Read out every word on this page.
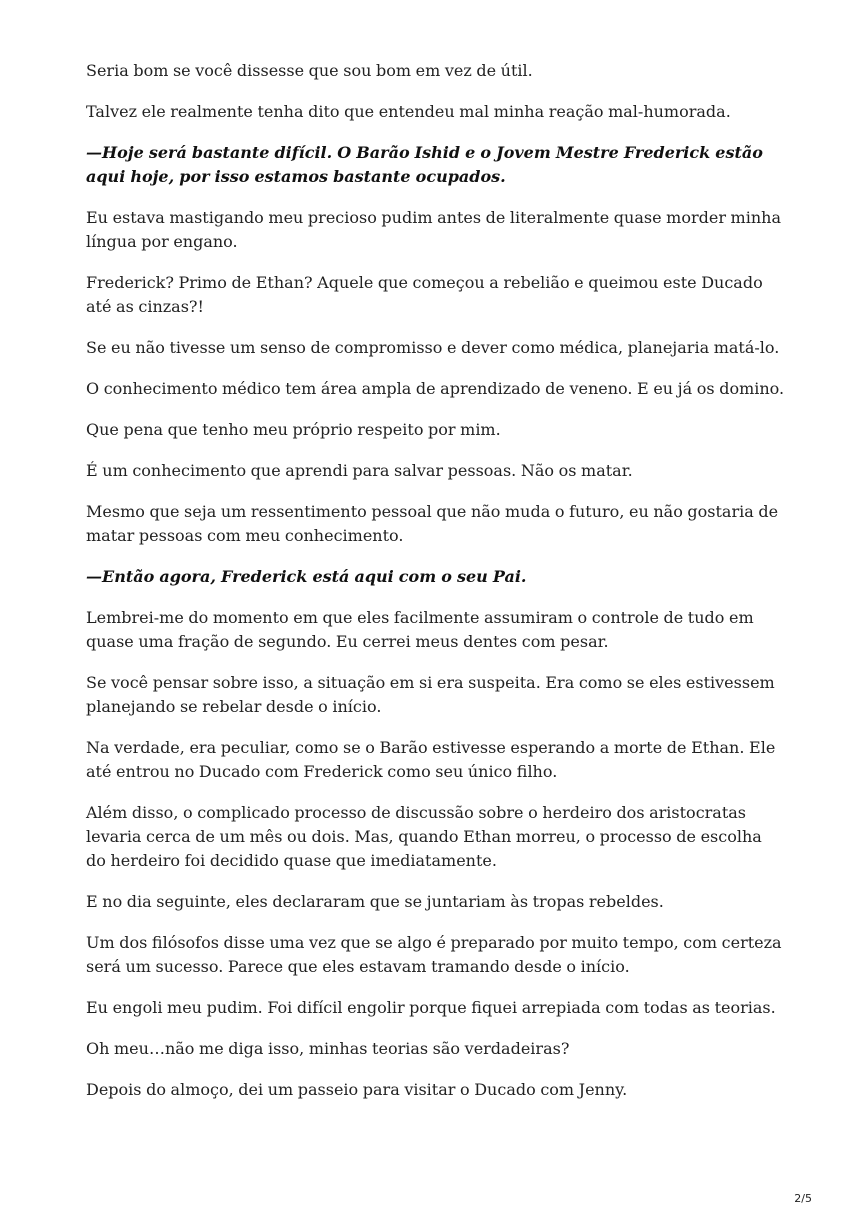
Seria bom se você dissesse que sou bom em vez de útil.

Talvez ele realmente tenha dito que entendeu mal minha reação mal-humorada.

—Hoje será bastante difícil. O Barão Ishid e o Jovem Mestre Frederick estão aqui hoje, por isso estamos bastante ocupados.

Eu estava mastigando meu precioso pudim antes de literalmente quase morder minha língua por engano.

Frederick? Primo de Ethan? Aquele que começou a rebelião e queimou este Ducado até as cinzas?!

Se eu não tivesse um senso de compromisso e dever como médica, planejaria matá-lo.

O conhecimento médico tem área ampla de aprendizado de veneno. E eu já os domino.

Que pena que tenho meu próprio respeito por mim.

É um conhecimento que aprendi para salvar pessoas. Não os matar.

Mesmo que seja um ressentimento pessoal que não muda o futuro, eu não gostaria de matar pessoas com meu conhecimento.

—Então agora, Frederick está aqui com o seu Pai.

Lembrei-me do momento em que eles facilmente assumiram o controle de tudo em quase uma fração de segundo. Eu cerrei meus dentes com pesar.

Se você pensar sobre isso, a situação em si era suspeita. Era como se eles estivessem planejando se rebelar desde o início.

Na verdade, era peculiar, como se o Barão estivesse esperando a morte de Ethan. Ele até entrou no Ducado com Frederick como seu único filho.

Além disso, o complicado processo de discussão sobre o herdeiro dos aristocratas levaria cerca de um mês ou dois. Mas, quando Ethan morreu, o processo de escolha do herdeiro foi decidido quase que imediatamente.

E no dia seguinte, eles declararam que se juntariam às tropas rebeldes.

Um dos filósofos disse uma vez que se algo é preparado por muito tempo, com certeza será um sucesso. Parece que eles estavam tramando desde o início.

Eu engoli meu pudim. Foi difícil engolir porque fiquei arrepiada com todas as teorias.

Oh meu…não me diga isso, minhas teorias são verdadeiras?

Depois do almoço, dei um passeio para visitar o Ducado com Jenny.

2/5
